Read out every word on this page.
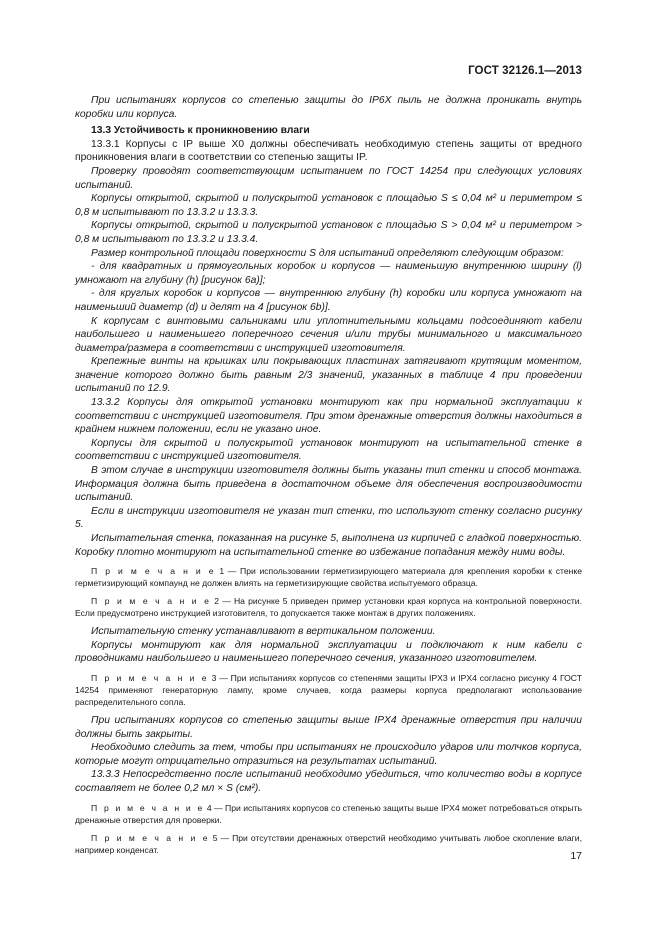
ГОСТ 32126.1—2013

При испытаниях корпусов со степенью защиты до IP6X пыль не должна проникать внутрь коробки или корпуса.

13.3 Устойчивость к проникновению влаги

13.3.1 Корпусы с IP выше X0 должны обеспечивать необходимую степень защиты от вредного проникновения влаги в соответствии со степенью защиты IP.

Проверку проводят соответствующим испытанием по ГОСТ 14254 при следующих условиях испытаний.

Корпусы открытой, скрытой и полускрытой установок с площадью S ≤ 0,04 м² и периметром ≤ 0,8 м испытывают по 13.3.2 и 13.3.3.

Корпусы открытой, скрытой и полускрытой установок с площадью S > 0,04 м² и периметром > 0,8 м испытывают по 13.3.2 и 13.3.4.

Размер контрольной площади поверхности S для испытаний определяют следующим образом:

- для квадратных и прямоугольных коробок и корпусов — наименьшую внутреннюю ширину (l) умножают на глубину (h) [рисунок 6а)];

- для круглых коробок и корпусов — внутреннюю глубину (h) коробки или корпуса умножают на наименьший диаметр (d) и делят на 4 [рисунок 6b)].

К корпусам с винтовыми сальниками или уплотнительными кольцами подсоединяют кабели наибольшего и наименьшего поперечного сечения и/или трубы минимального и максимального диаметра/размера в соответствии с инструкцией изготовителя.

Крепежные винты на крышках или покрывающих пластинах затягивают крутящим моментом, значение которого должно быть равным 2/3 значений, указанных в таблице 4 при проведении испытаний по 12.9.

13.3.2 Корпусы для открытой установки монтируют как при нормальной эксплуатации к соответствии с инструкцией изготовителя. При этом дренажные отверстия должны находиться в крайнем нижнем положении, если не указано иное.

Корпусы для скрытой и полускрытой установок монтируют на испытательной стенке в соответствии с инструкцией изготовителя.

В этом случае в инструкции изготовителя должны быть указаны тип стенки и способ монтажа. Информация должна быть приведена в достаточном объеме для обеспечения воспроизводимости испытаний.

Если в инструкции изготовителя не указан тип стенки, то используют стенку согласно рисунку 5.

Испытательная стенка, показанная на рисунке 5, выполнена из кирпичей с гладкой поверхностью. Коробку плотно монтируют на испытательной стенке во избежание попадания между ними воды.

П р и м е ч а н и е 1 — При использовании герметизирующего материала для крепления коробки к стенке герметизирующий компаунд не должен влиять на герметизирующие свойства испытуемого образца.

П р и м е ч а н и е 2 — На рисунке 5 приведен пример установки края корпуса на контрольной поверхности. Если предусмотрено инструкцией изготовителя, то допускается также монтаж в других положениях.

Испытательную стенку устанавливают в вертикальном положении.

Корпусы монтируют как для нормальной эксплуатации и подключают к ним кабели с проводниками наибольшего и наименьшего поперечного сечения, указанного изготовителем.

П р и м е ч а н и е 3 — При испытаниях корпусов со степенями защиты IPX3 и IPX4 согласно рисунку 4 ГОСТ 14254 применяют генераторную лампу, кроме случаев, когда размеры корпуса предполагают использование распределительного сопла.

При испытаниях корпусов со степенью защиты выше IPX4 дренажные отверстия при наличии должны быть закрыты.

Необходимо следить за тем, чтобы при испытаниях не происходило ударов или толчков корпуса, которые могут отрицательно отразиться на результатах испытаний.

13.3.3 Непосредственно после испытаний необходимо убедиться, что количество воды в корпусе составляет не более 0,2 мл × S (см²).

П р и м е ч а н и е 4 — При испытаниях корпусов со степенью защиты выше IPX4 может потребоваться открыть дренажные отверстия для проверки.

П р и м е ч а н и е 5 — При отсутствии дренажных отверстий необходимо учитывать любое скопление влаги, например конденсат.

17
